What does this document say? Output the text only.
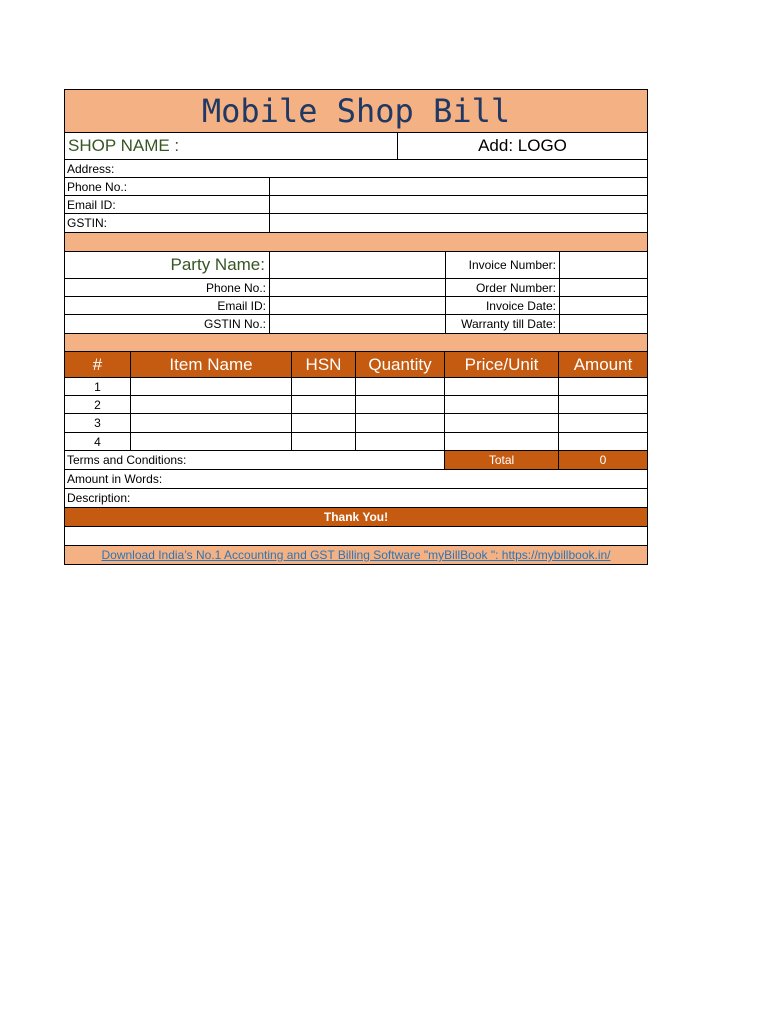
Mobile Shop Bill
SHOP NAME :	Add: LOGO
Address:
Phone No.:
Email ID:
GSTIN:
Party Name:	Invoice Number:
Phone No.:	Order Number:
Email ID:	Invoice Date:
GSTIN No.:	Warranty till Date:
#	Item Name	HSN	Quantity	Price/Unit	Amount
1
2
3
4
Terms and Conditions:	Total	0
Amount in Words:
Description:
Thank You!
Download India’s No.1 Accounting and GST Billing Software "myBillBook ": https://mybillbook.in/
